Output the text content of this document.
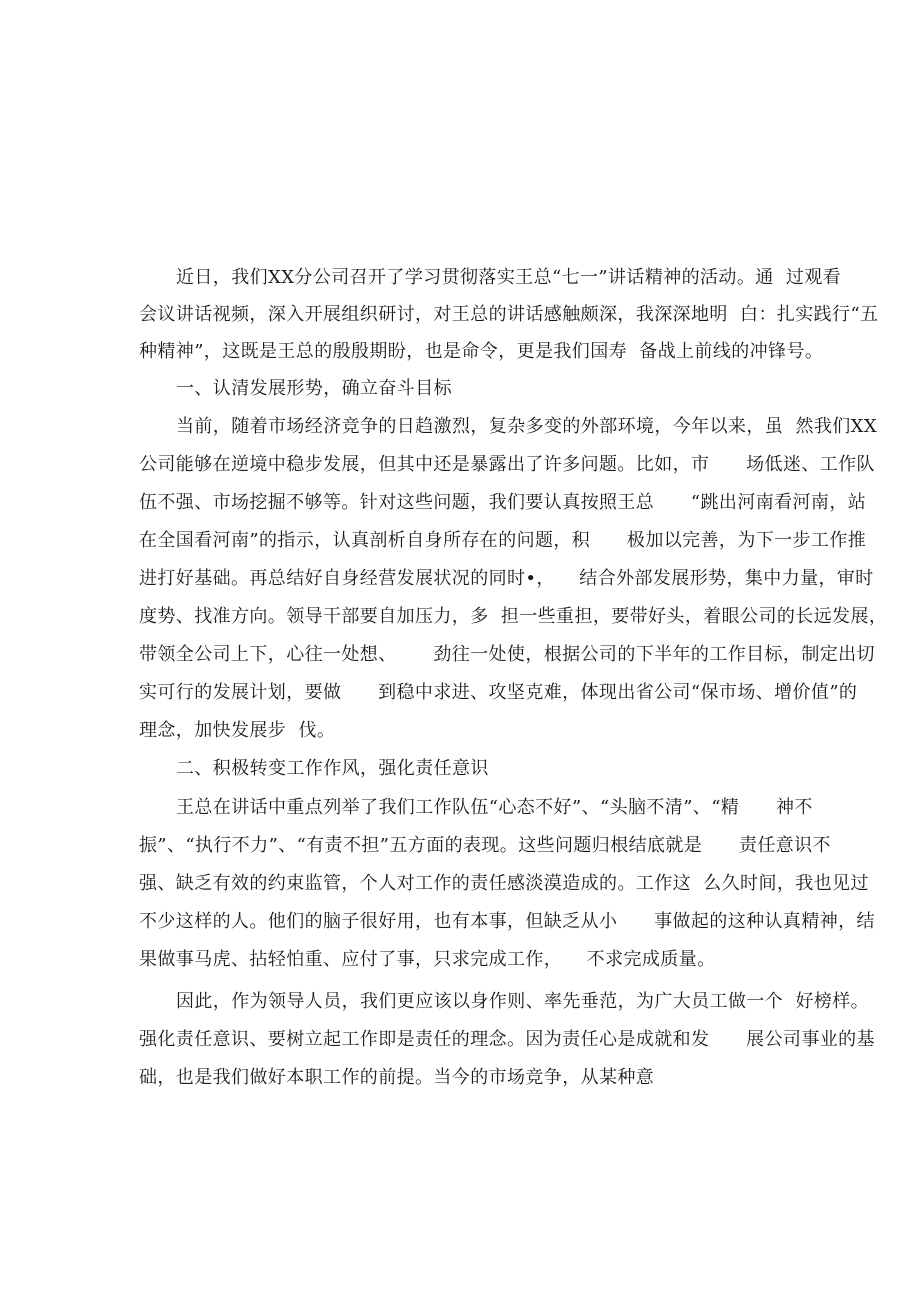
近日，我们XX分公司召开了学习贯彻落实王总“七一”讲话精神的活动。通  过观看
会议讲话视频，深入开展组织研讨，对王总的讲话感触颇深，我深深地明  白：扎实践行“五
种精神”，这既是王总的殷殷期盼，也是命令，更是我们国寿  备战上前线的冲锋号。
一、认清发展形势，确立奋斗目标
当前，随着市场经济竞争的日趋激烈，复杂多变的外部环境，今年以来，虽  然我们XX
公司能够在逆境中稳步发展，但其中还是暴露出了许多问题。比如，市      场低迷、工作队
伍不强、市场挖掘不够等。针对这些问题，我们要认真按照王总      “跳出河南看河南，站
在全国看河南”的指示，认真剖析自身所存在的问题，积      极加以完善，为下一步工作推
进打好基础。再总结好自身经营发展状况的同时•，    结合外部发展形势，集中力量，审时
度势、找准方向。领导干部要自加压力，多  担一些重担，要带好头，着眼公司的长远发展，
带领全公司上下，心往一处想、      劲往一处使，根据公司的下半年的工作目标，制定出切
实可行的发展计划，要做      到稳中求进、攻坚克难，体现出省公司“保市场、增价值”的
理念，加快发展步  伐。
二、积极转变工作作风，强化责任意识
王总在讲话中重点列举了我们工作队伍“心态不好”、“头脑不清”、“精      神不
振”、“执行不力”、“有责不担”五方面的表现。这些问题归根结底就是      责任意识不
强、缺乏有效的约束监管，个人对工作的责任感淡漠造成的。工作这  么久时间，我也见过
不少这样的人。他们的脑子很好用，也有本事，但缺乏从小      事做起的这种认真精神，结
果做事马虎、拈轻怕重、应付了事，只求完成工作，    不求完成质量。
因此，作为领导人员，我们更应该以身作则、率先垂范，为广大员工做一个  好榜样。
强化责任意识、要树立起工作即是责任的理念。因为责任心是成就和发      展公司事业的基
础，也是我们做好本职工作的前提。当今的市场竞争，从某种意
